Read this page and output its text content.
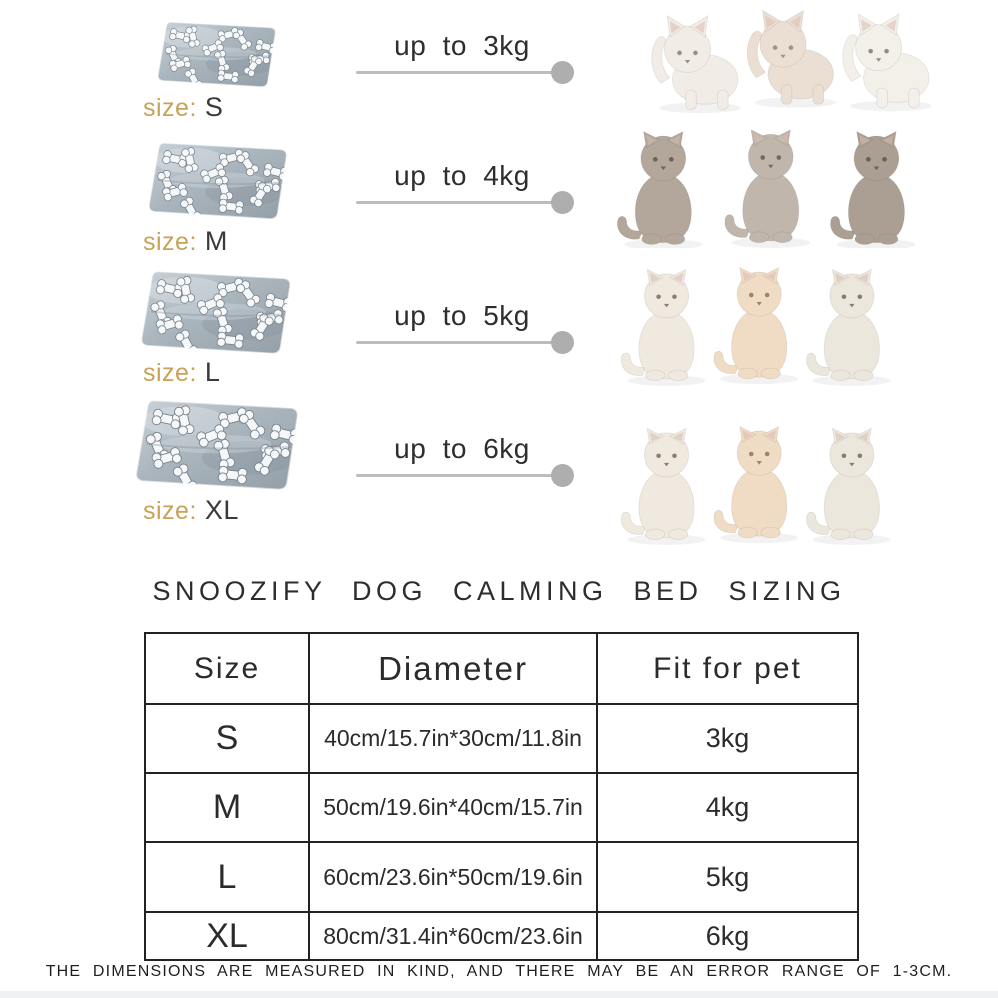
size: S
up to 3kg
size: M
up to 4kg
size: L
up to 5kg
size: XL
up to 6kg
SNOOZIFY DOG CALMING BED SIZING
Size	Diameter	Fit for pet
S	40cm/15.7in*30cm/11.8in	3kg
M	50cm/19.6in*40cm/15.7in	4kg
L	60cm/23.6in*50cm/19.6in	5kg
XL	80cm/31.4in*60cm/23.6in	6kg
THE DIMENSIONS ARE MEASURED IN KIND, AND THERE MAY BE AN ERROR RANGE OF 1-3CM.
